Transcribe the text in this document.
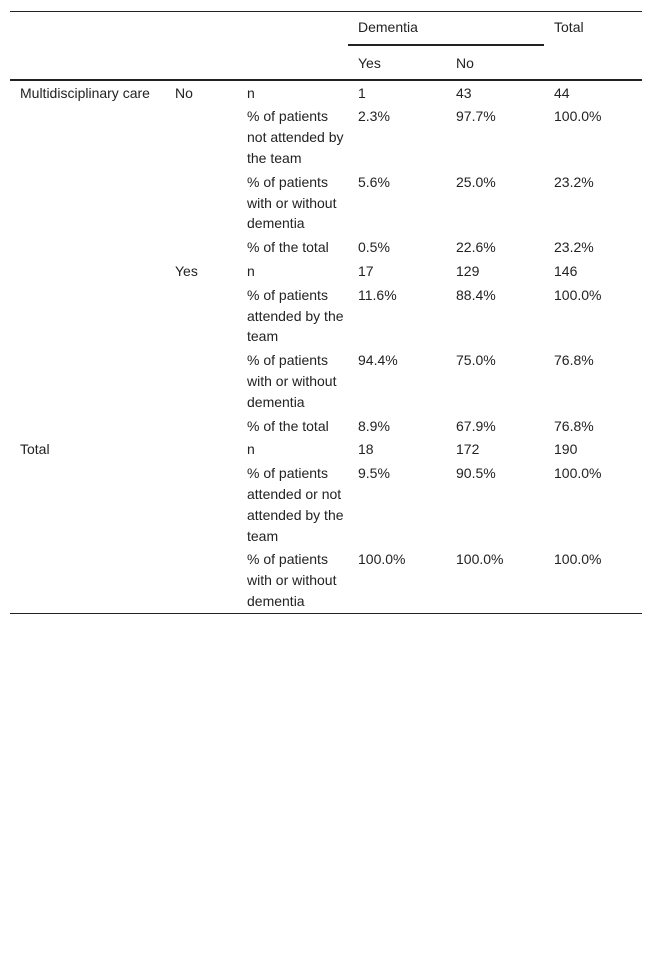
			Dementia		Total
			Yes	No	
Multidisciplinary care	No	n	1	43	44
		% of patients not attended by the team	2.3%	97.7%	100.0%
		% of patients with or without dementia	5.6%	25.0%	23.2%
		% of the total	0.5%	22.6%	23.2%
	Yes	n	17	129	146
		% of patients attended by the team	11.6%	88.4%	100.0%
		% of patients with or without dementia	94.4%	75.0%	76.8%
		% of the total	8.9%	67.9%	76.8%
Total		n	18	172	190
		% of patients attended or not attended by the team	9.5%	90.5%	100.0%
		% of patients with or without dementia	100.0%	100.0%	100.0%
